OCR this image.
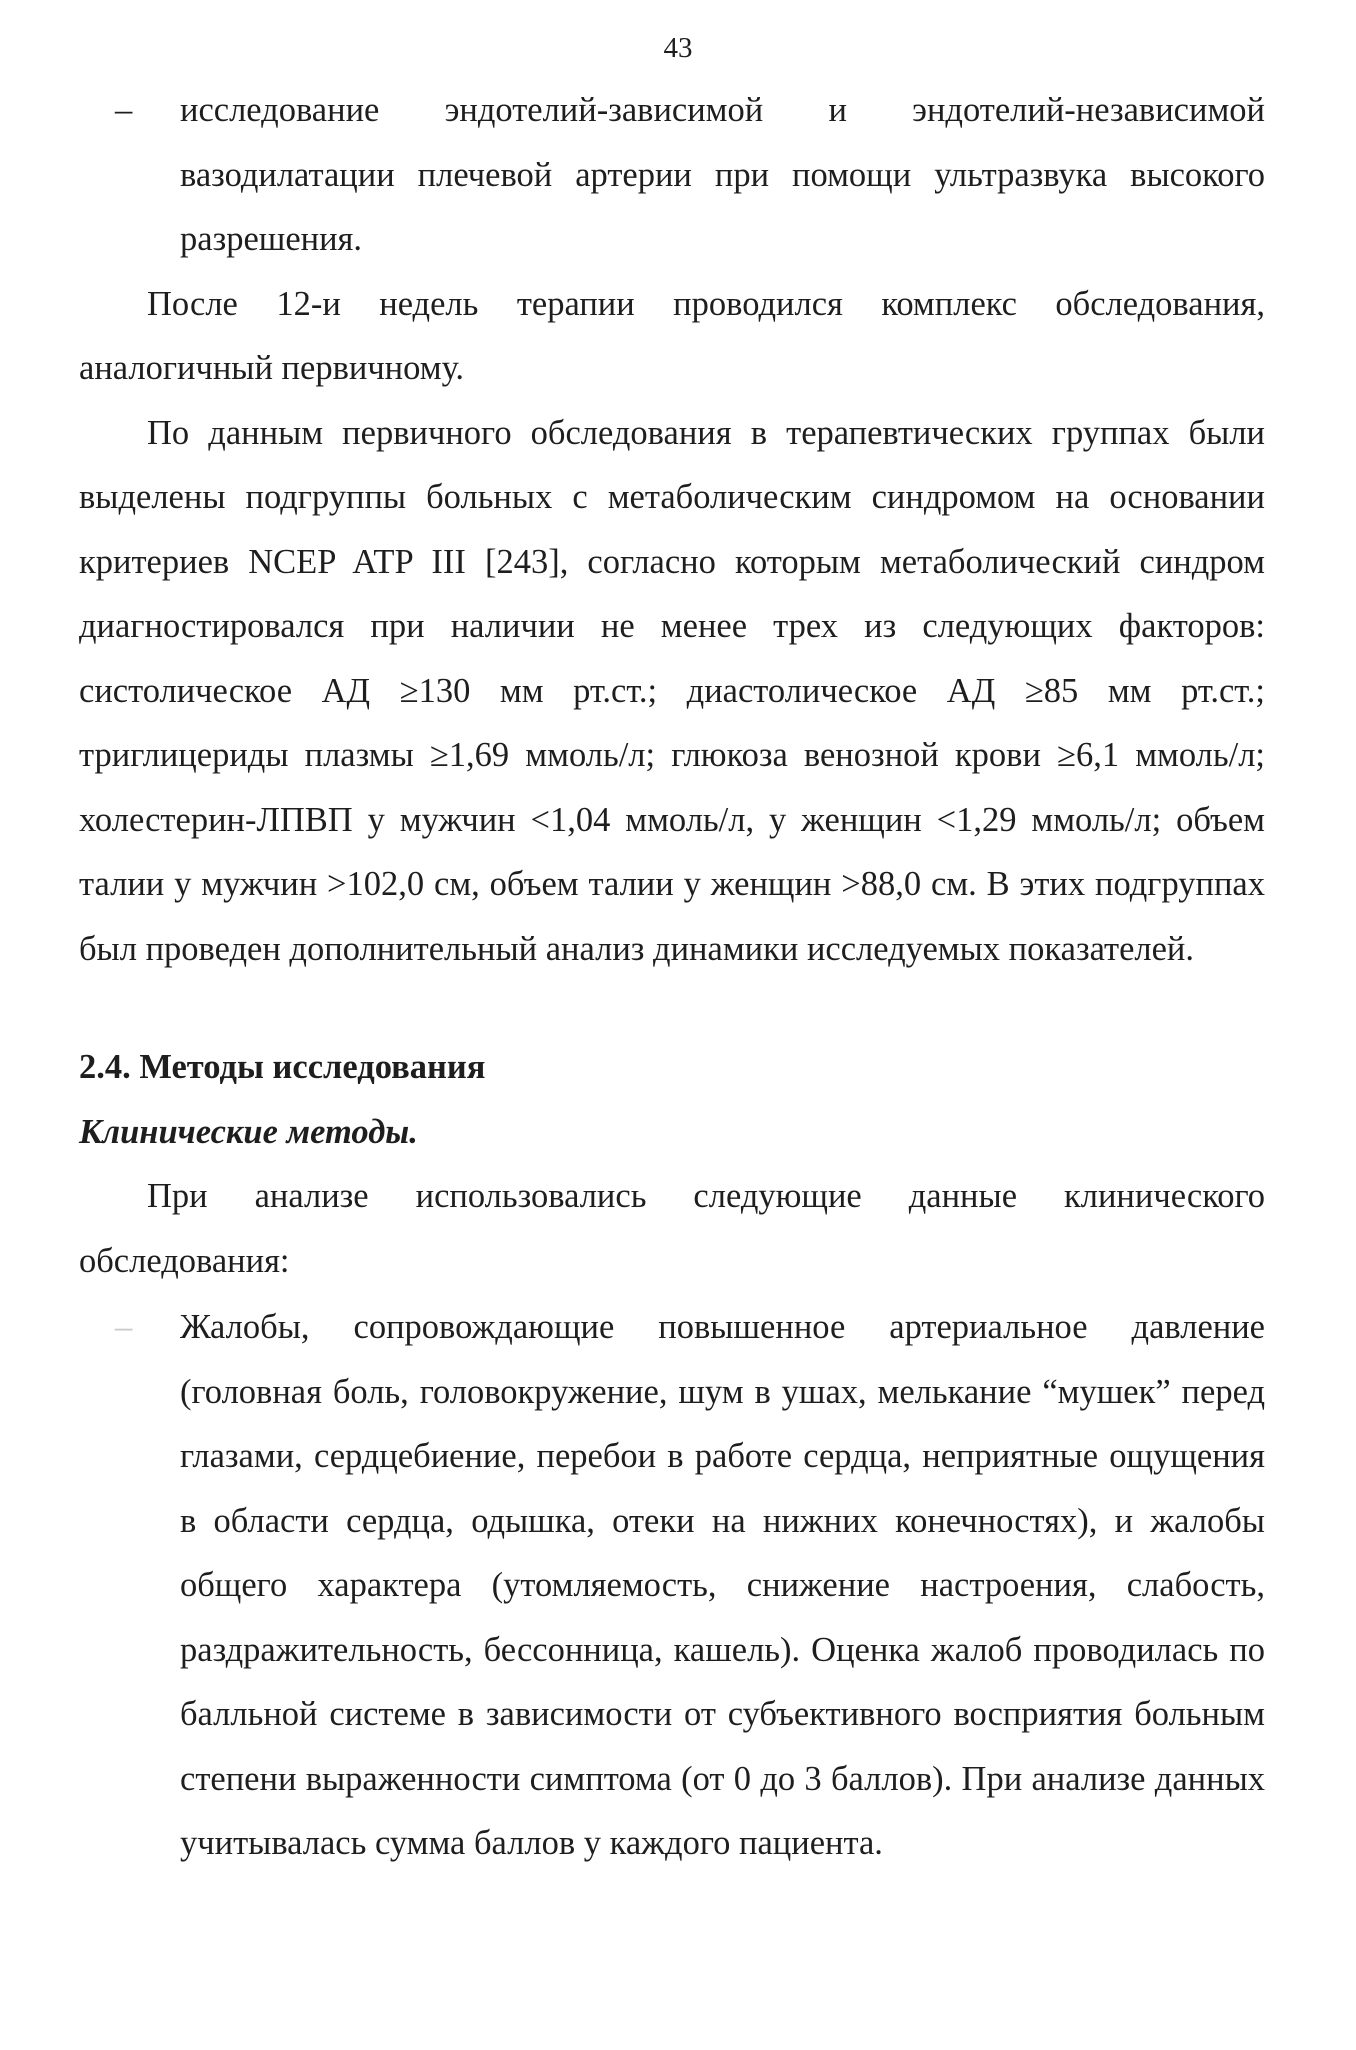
43
– исследование эндотелий-зависимой и эндотелий-независимой вазодилатации плечевой артерии при помощи ультразвука высокого разрешения.

После 12-и недель терапии проводился комплекс обследования, аналогичный первичному.

По данным первичного обследования в терапевтических группах были выделены подгруппы больных с метаболическим синдромом на основании критериев NCEP ATP III [243], согласно которым метаболический синдром диагностировался при наличии не менее трех из следующих факторов: систолическое АД ≥130 мм рт.ст.; диастолическое АД ≥85 мм рт.ст.; триглицериды плазмы ≥1,69 ммоль/л; глюкоза венозной крови ≥6,1 ммоль/л; холестерин-ЛПВП у мужчин <1,04 ммоль/л, у женщин <1,29 ммоль/л; объем талии у мужчин >102,0 см, объем талии у женщин >88,0 см. В этих подгруппах был проведен дополнительный анализ динамики исследуемых показателей.

2.4. Методы исследования
Клинические методы.

При анализе использовались следующие данные клинического обследования:

– Жалобы, сопровождающие повышенное артериальное давление (головная боль, головокружение, шум в ушах, мелькание “мушек” перед глазами, сердцебиение, перебои в работе сердца, неприятные ощущения в области сердца, одышка, отеки на нижних конечностях), и жалобы общего характера (утомляемость, снижение настроения, слабость, раздражительность, бессонница, кашель). Оценка жалоб проводилась по балльной системе в зависимости от субъективного восприятия больным степени выраженности симптома (от 0 до 3 баллов). При анализе данных учитывалась сумма баллов у каждого пациента.
